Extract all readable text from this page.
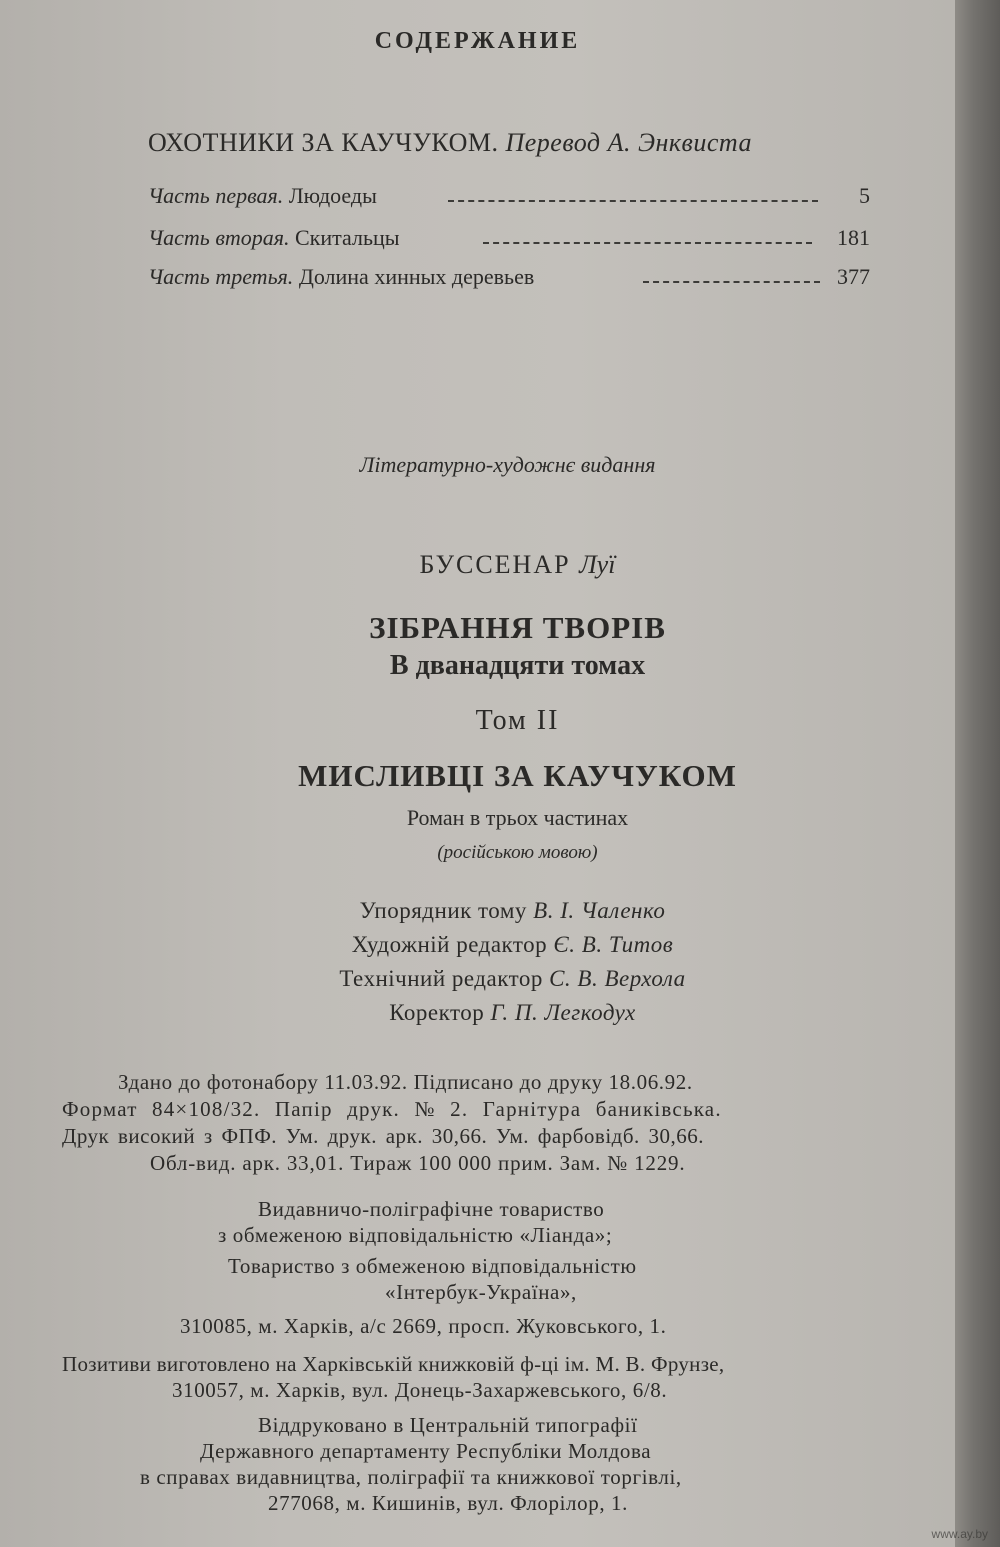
СОДЕРЖАНИЕ
ОХОТНИКИ ЗА КАУЧУКОМ. Перевод А. Энквиста
Часть первая. Людоеды	5
Часть вторая. Скитальцы	181
Часть третья. Долина хинных деревьев	377
Літературно-художнє видання
БУССЕНАР Луї
ЗІБРАННЯ ТВОРІВ
В дванадцяти томах
Том II
МИСЛИВЦІ ЗА КАУЧУКОМ
Роман в трьох частинах
(російською мовою)
Упорядник тому В. І. Чаленко
Художній редактор Є. В. Титов
Технічний редактор С. В. Верхола
Коректор Г. П. Легкодух
Здано до фотонабору 11.03.92. Підписано до друку 18.06.92.
Формат 84×108/32. Папір друк. № 2. Гарнітура баниківська.
Друк високий з ФПФ. Ум. друк. арк. 30,66. Ум. фарбовідб. 30,66.
Обл-вид. арк. 33,01. Тираж 100 000 прим. Зам. № 1229.
Видавничо-поліграфічне товариство
з обмеженою відповідальністю «Ліанда»;
Товариство з обмеженою відповідальністю
«Інтербук-Україна»,
310085, м. Харків, а/с 2669, просп. Жуковського, 1.
Позитиви виготовлено на Харківській книжковій ф-ці ім. М. В. Фрунзе,
310057, м. Харків, вул. Донець-Захаржевського, 6/8.
Віддруковано в Центральній типографії
Державного департаменту Республіки Молдова
в справах видавництва, поліграфії та книжкової торгівлі,
277068, м. Кишинів, вул. Флорілор, 1.
www.ay.by
